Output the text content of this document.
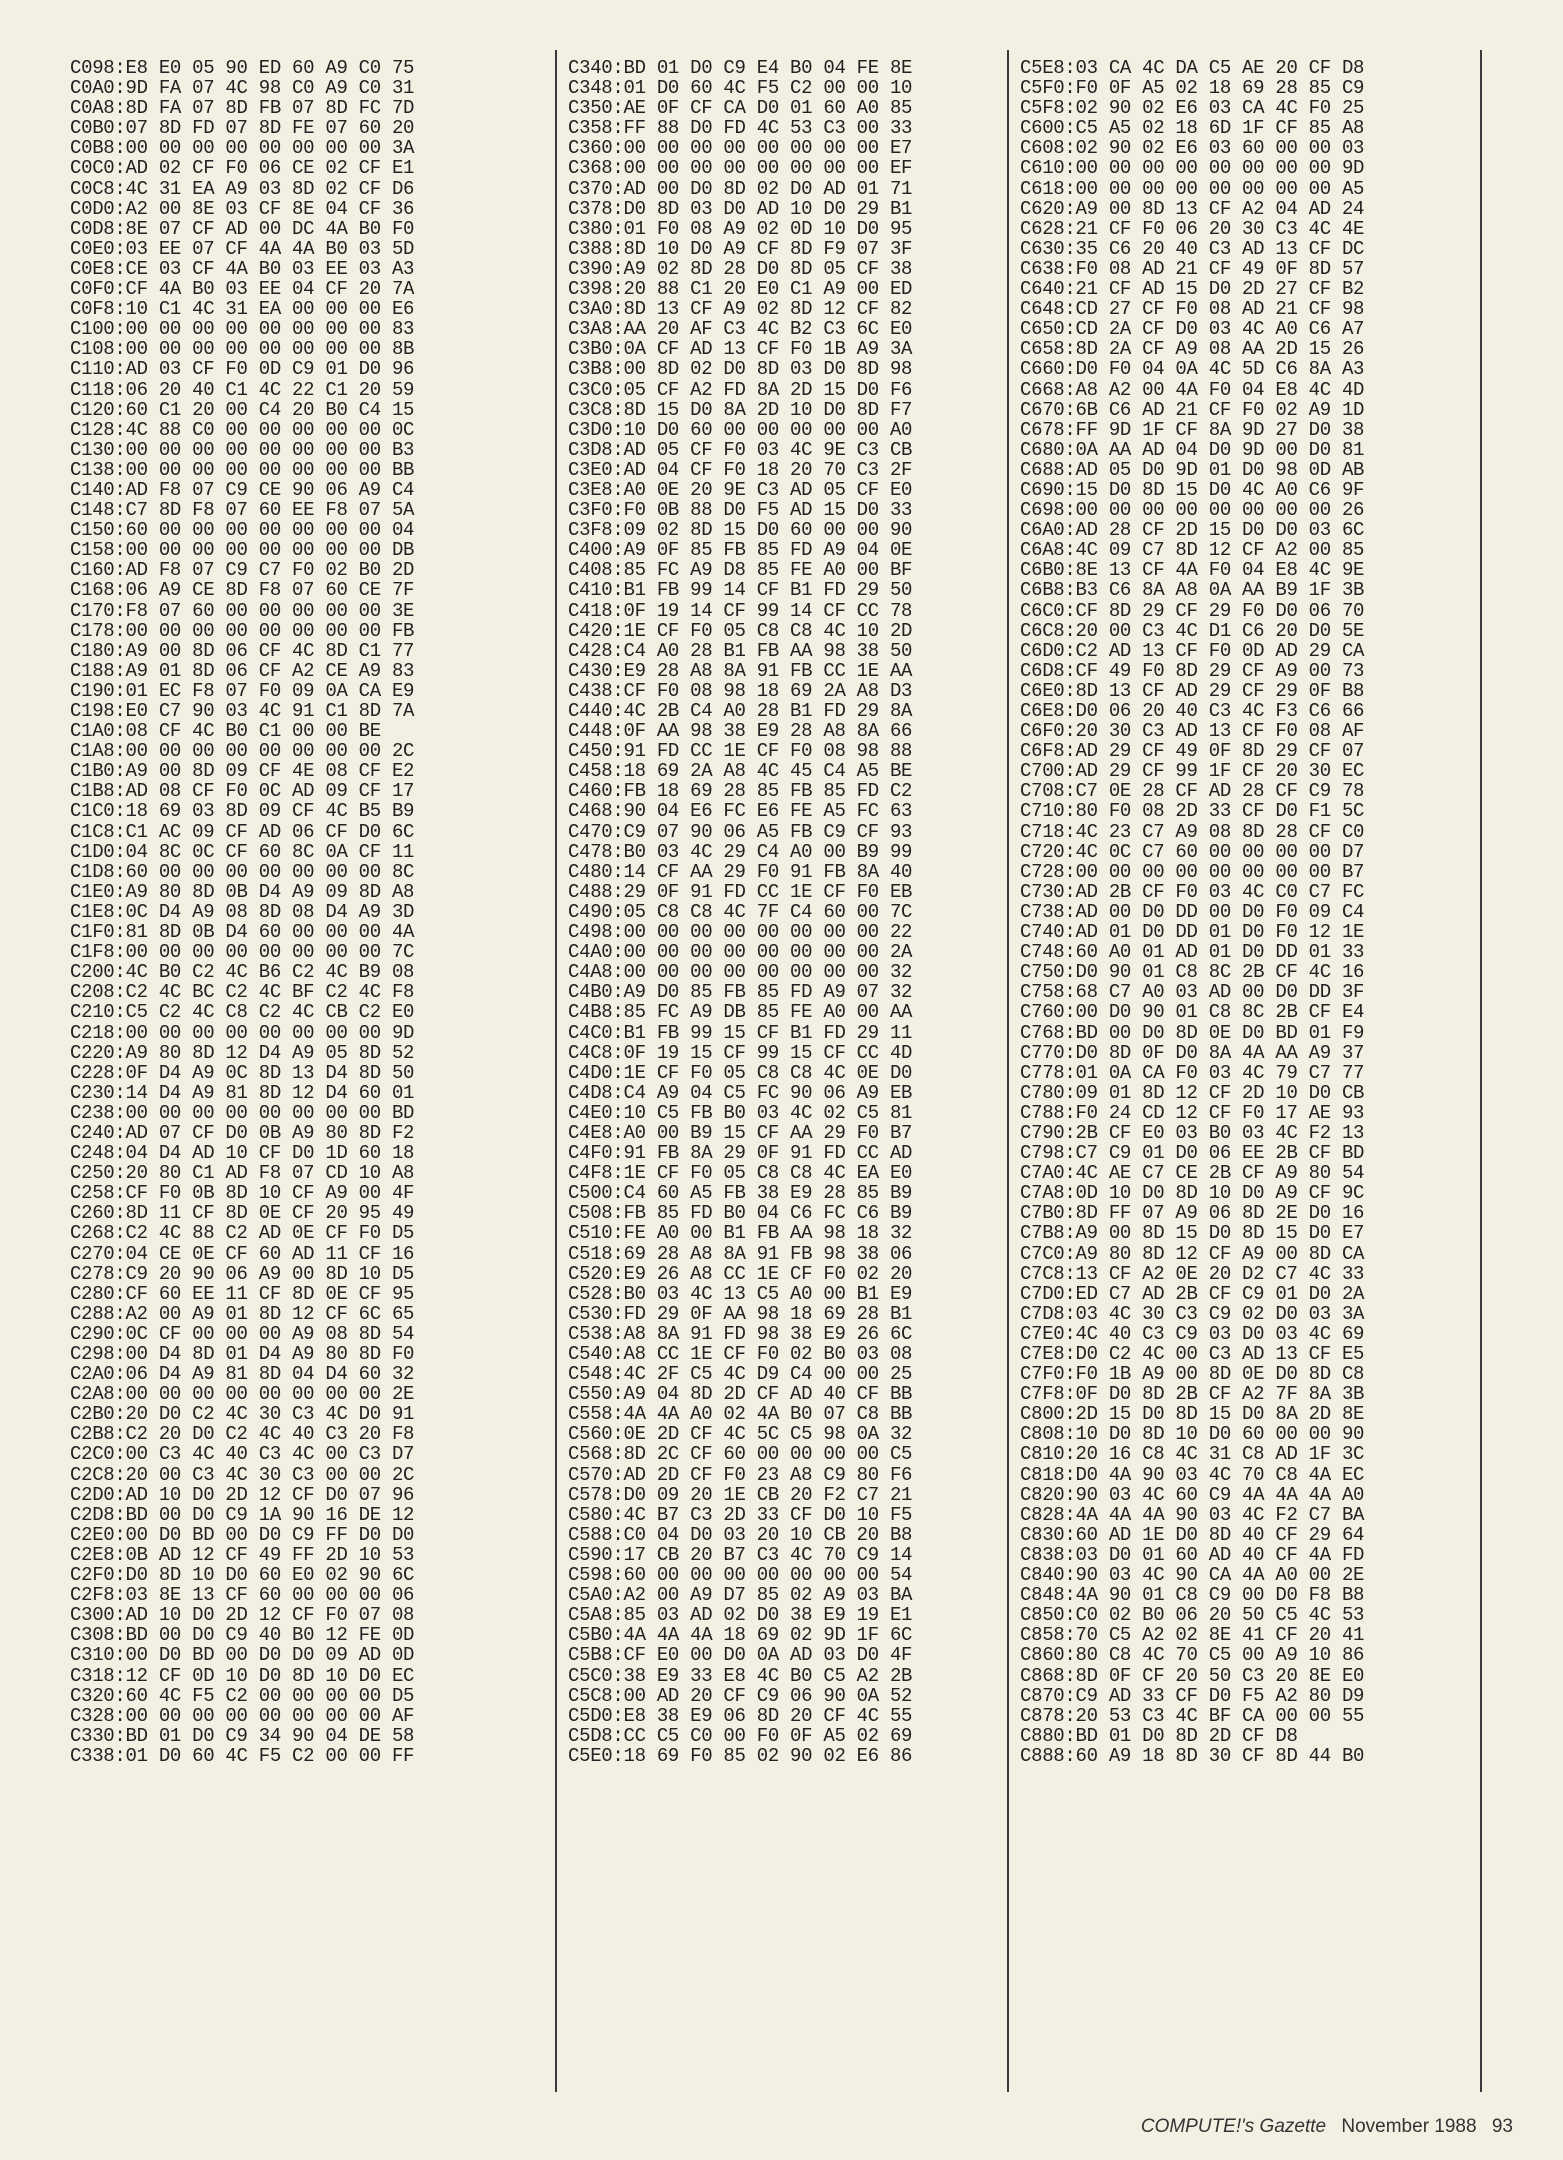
C098:E8 E0 05 90 ED 60 A9 C0 75
C0A0:9D FA 07 4C 98 C0 A9 C0 31
C0A8:8D FA 07 8D FB 07 8D FC 7D
C0B0:07 8D FD 07 8D FE 07 60 20
C0B8:00 00 00 00 00 00 00 00 3A
C0C0:AD 02 CF F0 06 CE 02 CF E1
C0C8:4C 31 EA A9 03 8D 02 CF D6
C0D0:A2 00 8E 03 CF 8E 04 CF 36
C0D8:8E 07 CF AD 00 DC 4A B0 F0
C0E0:03 EE 07 CF 4A 4A B0 03 5D
C0E8:CE 03 CF 4A B0 03 EE 03 A3
C0F0:CF 4A B0 03 EE 04 CF 20 7A
C0F8:10 C1 4C 31 EA 00 00 00 E6
C100:00 00 00 00 00 00 00 00 83
C108:00 00 00 00 00 00 00 00 8B
C110:AD 03 CF F0 0D C9 01 D0 96
C118:06 20 40 C1 4C 22 C1 20 59
C120:60 C1 20 00 C4 20 B0 C4 15
C128:4C 88 C0 00 00 00 00 00 0C
C130:00 00 00 00 00 00 00 00 B3
C138:00 00 00 00 00 00 00 00 BB
C140:AD F8 07 C9 CE 90 06 A9 C4
C148:C7 8D F8 07 60 EE F8 07 5A
C150:60 00 00 00 00 00 00 00 04
C158:00 00 00 00 00 00 00 00 DB
C160:AD F8 07 C9 C7 F0 02 B0 2D
C168:06 A9 CE 8D F8 07 60 CE 7F
C170:F8 07 60 00 00 00 00 00 3E
C178:00 00 00 00 00 00 00 00 FB
C180:A9 00 8D 06 CF 4C 8D C1 77
C188:A9 01 8D 06 CF A2 CE A9 83
C190:01 EC F8 07 F0 09 0A CA E9
C198:E0 C7 90 03 4C 91 C1 8D 7A
C1A0:08 CF 4C B0 C1 00 00 BE
C1A8:00 00 00 00 00 00 00 00 2C
C1B0:A9 00 8D 09 CF 4E 08 CF E2
C1B8:AD 08 CF F0 0C AD 09 CF 17
C1C0:18 69 03 8D 09 CF 4C B5 B9
C1C8:C1 AC 09 CF AD 06 CF D0 6C
C1D0:04 8C 0C CF 60 8C 0A CF 11
C1D8:60 00 00 00 00 00 00 00 8C
C1E0:A9 80 8D 0B D4 A9 09 8D A8
C1E8:0C D4 A9 08 8D 08 D4 A9 3D
C1F0:81 8D 0B D4 60 00 00 00 4A
C1F8:00 00 00 00 00 00 00 00 7C
C200:4C B0 C2 4C B6 C2 4C B9 08
C208:C2 4C BC C2 4C BF C2 4C F8
C210:C5 C2 4C C8 C2 4C CB C2 E0
C218:00 00 00 00 00 00 00 00 9D
C220:A9 80 8D 12 D4 A9 05 8D 52
C228:0F D4 A9 0C 8D 13 D4 8D 50
C230:14 D4 A9 81 8D 12 D4 60 01
C238:00 00 00 00 00 00 00 00 BD
C240:AD 07 CF D0 0B A9 80 8D F2
C248:04 D4 AD 10 CF D0 1D 60 18
C250:20 80 C1 AD F8 07 CD 10 A8
C258:CF F0 0B 8D 10 CF A9 00 4F
C260:8D 11 CF 8D 0E CF 20 95 49
C268:C2 4C 88 C2 AD 0E CF F0 D5
C270:04 CE 0E CF 60 AD 11 CF 16
C278:C9 20 90 06 A9 00 8D 10 D5
C280:CF 60 EE 11 CF 8D 0E CF 95
C288:A2 00 A9 01 8D 12 CF 6C 65
C290:0C CF 00 00 00 A9 08 8D 54
C298:00 D4 8D 01 D4 A9 80 8D F0
C2A0:06 D4 A9 81 8D 04 D4 60 32
C2A8:00 00 00 00 00 00 00 00 2E
C2B0:20 D0 C2 4C 30 C3 4C D0 91
C2B8:C2 20 D0 C2 4C 40 C3 20 F8
C2C0:00 C3 4C 40 C3 4C 00 C3 D7
C2C8:20 00 C3 4C 30 C3 00 00 2C
C2D0:AD 10 D0 2D 12 CF D0 07 96
C2D8:BD 00 D0 C9 1A 90 16 DE 12
C2E0:00 D0 BD 00 D0 C9 FF D0 D0
C2E8:0B AD 12 CF 49 FF 2D 10 53
C2F0:D0 8D 10 D0 60 E0 02 90 6C
C2F8:03 8E 13 CF 60 00 00 00 06
C300:AD 10 D0 2D 12 CF F0 07 08
C308:BD 00 D0 C9 40 B0 12 FE 0D
C310:00 D0 BD 00 D0 D0 09 AD 0D
C318:12 CF 0D 10 D0 8D 10 D0 EC
C320:60 4C F5 C2 00 00 00 00 D5
C328:00 00 00 00 00 00 00 00 AF
C330:BD 01 D0 C9 34 90 04 DE 58
C338:01 D0 60 4C F5 C2 00 00 FF
C340:BD 01 D0 C9 E4 B0 04 FE 8E
C348:01 D0 60 4C F5 C2 00 00 10
C350:AE 0F CF CA D0 01 60 A0 85
C358:FF 88 D0 FD 4C 53 C3 00 33
C360:00 00 00 00 00 00 00 00 E7
C368:00 00 00 00 00 00 00 00 EF
C370:AD 00 D0 8D 02 D0 AD 01 71
C378:D0 8D 03 D0 AD 10 D0 29 B1
C380:01 F0 08 A9 02 0D 10 D0 95
C388:8D 10 D0 A9 CF 8D F9 07 3F
C390:A9 02 8D 28 D0 8D 05 CF 38
C398:20 88 C1 20 E0 C1 A9 00 ED
C3A0:8D 13 CF A9 02 8D 12 CF 82
C3A8:AA 20 AF C3 4C B2 C3 6C E0
C3B0:0A CF AD 13 CF F0 1B A9 3A
C3B8:00 8D 02 D0 8D 03 D0 8D 98
C3C0:05 CF A2 FD 8A 2D 15 D0 F6
C3C8:8D 15 D0 8A 2D 10 D0 8D F7
C3D0:10 D0 60 00 00 00 00 00 A0
C3D8:AD 05 CF F0 03 4C 9E C3 CB
C3E0:AD 04 CF F0 18 20 70 C3 2F
C3E8:A0 0E 20 9E C3 AD 05 CF E0
C3F0:F0 0B 88 D0 F5 AD 15 D0 33
C3F8:09 02 8D 15 D0 60 00 00 90
C400:A9 0F 85 FB 85 FD A9 04 0E
C408:85 FC A9 D8 85 FE A0 00 BF
C410:B1 FB 99 14 CF B1 FD 29 50
C418:0F 19 14 CF 99 14 CF CC 78
C420:1E CF F0 05 C8 C8 4C 10 2D
C428:C4 A0 28 B1 FB AA 98 38 50
C430:E9 28 A8 8A 91 FB CC 1E AA
C438:CF F0 08 98 18 69 2A A8 D3
C440:4C 2B C4 A0 28 B1 FD 29 8A
C448:0F AA 98 38 E9 28 A8 8A 66
C450:91 FD CC 1E CF F0 08 98 88
C458:18 69 2A A8 4C 45 C4 A5 BE
C460:FB 18 69 28 85 FB 85 FD C2
C468:90 04 E6 FC E6 FE A5 FC 63
C470:C9 07 90 06 A5 FB C9 CF 93
C478:B0 03 4C 29 C4 A0 00 B9 99
C480:14 CF AA 29 F0 91 FB 8A 40
C488:29 0F 91 FD CC 1E CF F0 EB
C490:05 C8 C8 4C 7F C4 60 00 7C
C498:00 00 00 00 00 00 00 00 22
C4A0:00 00 00 00 00 00 00 00 2A
C4A8:00 00 00 00 00 00 00 00 32
C4B0:A9 D0 85 FB 85 FD A9 07 32
C4B8:85 FC A9 DB 85 FE A0 00 AA
C4C0:B1 FB 99 15 CF B1 FD 29 11
C4C8:0F 19 15 CF 99 15 CF CC 4D
C4D0:1E CF F0 05 C8 C8 4C 0E D0
C4D8:C4 A9 04 C5 FC 90 06 A9 EB
C4E0:10 C5 FB B0 03 4C 02 C5 81
C4E8:A0 00 B9 15 CF AA 29 F0 B7
C4F0:91 FB 8A 29 0F 91 FD CC AD
C4F8:1E CF F0 05 C8 C8 4C EA E0
C500:C4 60 A5 FB 38 E9 28 85 B9
C508:FB 85 FD B0 04 C6 FC C6 B9
C510:FE A0 00 B1 FB AA 98 18 32
C518:69 28 A8 8A 91 FB 98 38 06
C520:E9 26 A8 CC 1E CF F0 02 20
C528:B0 03 4C 13 C5 A0 00 B1 E9
C530:FD 29 0F AA 98 18 69 28 B1
C538:A8 8A 91 FD 98 38 E9 26 6C
C540:A8 CC 1E CF F0 02 B0 03 08
C548:4C 2F C5 4C D9 C4 00 00 25
C550:A9 04 8D 2D CF AD 40 CF BB
C558:4A 4A A0 02 4A B0 07 C8 BB
C560:0E 2D CF 4C 5C C5 98 0A 32
C568:8D 2C CF 60 00 00 00 00 C5
C570:AD 2D CF F0 23 A8 C9 80 F6
C578:D0 09 20 1E CB 20 F2 C7 21
C580:4C B7 C3 2D 33 CF D0 10 F5
C588:C0 04 D0 03 20 10 CB 20 B8
C590:17 CB 20 B7 C3 4C 70 C9 14
C598:60 00 00 00 00 00 00 00 54
C5A0:A2 00 A9 D7 85 02 A9 03 BA
C5A8:85 03 AD 02 D0 38 E9 19 E1
C5B0:4A 4A 4A 18 69 02 9D 1F 6C
C5B8:CF E0 00 D0 0A AD 03 D0 4F
C5C0:38 E9 33 E8 4C B0 C5 A2 2B
C5C8:00 AD 20 CF C9 06 90 0A 52
C5D0:E8 38 E9 06 8D 20 CF 4C 55
C5D8:CC C5 C0 00 F0 0F A5 02 69
C5E0:18 69 F0 85 02 90 02 E6 86
C5E8:03 CA 4C DA C5 AE 20 CF D8
C5F0:F0 0F A5 02 18 69 28 85 C9
C5F8:02 90 02 E6 03 CA 4C F0 25
C600:C5 A5 02 18 6D 1F CF 85 A8
C608:02 90 02 E6 03 60 00 00 03
C610:00 00 00 00 00 00 00 00 9D
C618:00 00 00 00 00 00 00 00 A5
C620:A9 00 8D 13 CF A2 04 AD 24
C628:21 CF F0 06 20 30 C3 4C 4E
C630:35 C6 20 40 C3 AD 13 CF DC
C638:F0 08 AD 21 CF 49 0F 8D 57
C640:21 CF AD 15 D0 2D 27 CF B2
C648:CD 27 CF F0 08 AD 21 CF 98
C650:CD 2A CF D0 03 4C A0 C6 A7
C658:8D 2A CF A9 08 AA 2D 15 26
C660:D0 F0 04 0A 4C 5D C6 8A A3
C668:A8 A2 00 4A F0 04 E8 4C 4D
C670:6B C6 AD 21 CF F0 02 A9 1D
C678:FF 9D 1F CF 8A 9D 27 D0 38
C680:0A AA AD 04 D0 9D 00 D0 81
C688:AD 05 D0 9D 01 D0 98 0D AB
C690:15 D0 8D 15 D0 4C A0 C6 9F
C698:00 00 00 00 00 00 00 00 26
C6A0:AD 28 CF 2D 15 D0 D0 03 6C
C6A8:4C 09 C7 8D 12 CF A2 00 85
C6B0:8E 13 CF 4A F0 04 E8 4C 9E
C6B8:B3 C6 8A A8 0A AA B9 1F 3B
C6C0:CF 8D 29 CF 29 F0 D0 06 70
C6C8:20 00 C3 4C D1 C6 20 D0 5E
C6D0:C2 AD 13 CF F0 0D AD 29 CA
C6D8:CF 49 F0 8D 29 CF A9 00 73
C6E0:8D 13 CF AD 29 CF 29 0F B8
C6E8:D0 06 20 40 C3 4C F3 C6 66
C6F0:20 30 C3 AD 13 CF F0 08 AF
C6F8:AD 29 CF 49 0F 8D 29 CF 07
C700:AD 29 CF 99 1F CF 20 30 EC
C708:C7 0E 28 CF AD 28 CF C9 78
C710:80 F0 08 2D 33 CF D0 F1 5C
C718:4C 23 C7 A9 08 8D 28 CF C0
C720:4C 0C C7 60 00 00 00 00 D7
C728:00 00 00 00 00 00 00 00 B7
C730:AD 2B CF F0 03 4C C0 C7 FC
C738:AD 00 D0 DD 00 D0 F0 09 C4
C740:AD 01 D0 DD 01 D0 F0 12 1E
C748:60 A0 01 AD 01 D0 DD 01 33
C750:D0 90 01 C8 8C 2B CF 4C 16
C758:68 C7 A0 03 AD 00 D0 DD 3F
C760:00 D0 90 01 C8 8C 2B CF E4
C768:BD 00 D0 8D 0E D0 BD 01 F9
C770:D0 8D 0F D0 8A 4A AA A9 37
C778:01 0A CA F0 03 4C 79 C7 77
C780:09 01 8D 12 CF 2D 10 D0 CB
C788:F0 24 CD 12 CF F0 17 AE 93
C790:2B CF E0 03 B0 03 4C F2 13
C798:C7 C9 01 D0 06 EE 2B CF BD
C7A0:4C AE C7 CE 2B CF A9 80 54
C7A8:0D 10 D0 8D 10 D0 A9 CF 9C
C7B0:8D FF 07 A9 06 8D 2E D0 16
C7B8:A9 00 8D 15 D0 8D 15 D0 E7
C7C0:A9 80 8D 12 CF A9 00 8D CA
C7C8:13 CF A2 0E 20 D2 C7 4C 33
C7D0:ED C7 AD 2B CF C9 01 D0 2A
C7D8:03 4C 30 C3 C9 02 D0 03 3A
C7E0:4C 40 C3 C9 03 D0 03 4C 69
C7E8:D0 C2 4C 00 C3 AD 13 CF E5
C7F0:F0 1B A9 00 8D 0E D0 8D C8
C7F8:0F D0 8D 2B CF A2 7F 8A 3B
C800:2D 15 D0 8D 15 D0 8A 2D 8E
C808:10 D0 8D 10 D0 60 00 00 90
C810:20 16 C8 4C 31 C8 AD 1F 3C
C818:D0 4A 90 03 4C 70 C8 4A EC
C820:90 03 4C 60 C9 4A 4A 4A A0
C828:4A 4A 4A 90 03 4C F2 C7 BA
C830:60 AD 1E D0 8D 40 CF 29 64
C838:03 D0 01 60 AD 40 CF 4A FD
C840:90 03 4C 90 CA 4A A0 00 2E
C848:4A 90 01 C8 C9 00 D0 F8 B8
C850:C0 02 B0 06 20 50 C5 4C 53
C858:70 C5 A2 02 8E 41 CF 20 41
C860:80 C8 4C 70 C5 00 A9 10 86
C868:8D 0F CF 20 50 C3 20 8E E0
C870:C9 AD 33 CF D0 F5 A2 80 D9
C878:20 53 C3 4C BF CA 00 00 55
C880:BD 01 D0 8D 2D CF D8
C888:60 A9 18 8D 30 CF 8D 44 B0
COMPUTE!'s Gazette November 1988 93
